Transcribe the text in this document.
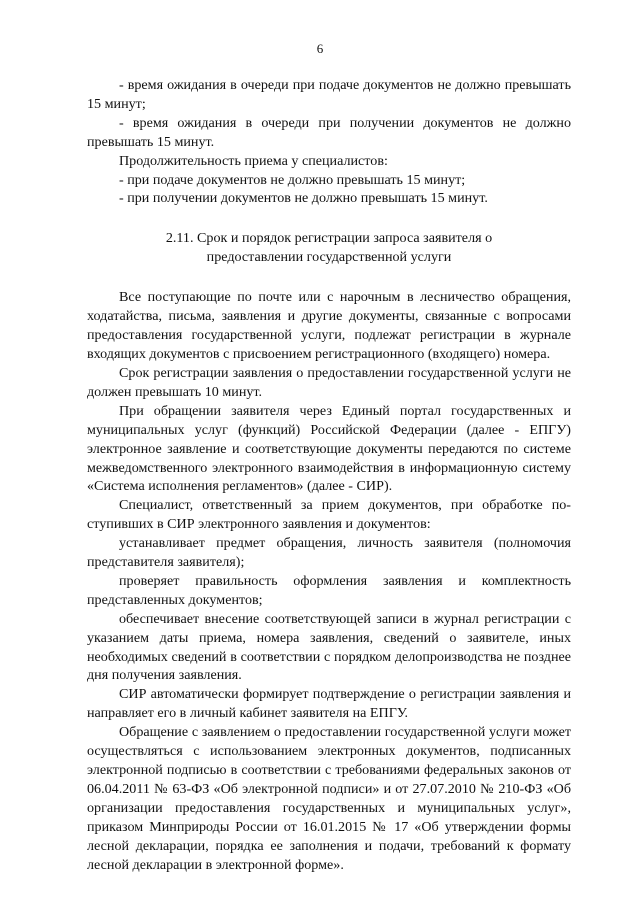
6

- время ожидания в очереди при подаче документов не должно превышать 15 минут;

- время ожидания в очереди при получении документов не должно превышать 15 минут.

Продолжительность приема у специалистов:

- при подаче документов не должно превышать 15 минут;

- при получении документов не должно превышать 15 минут.

2.11. Срок и порядок регистрации запроса заявителя о
предоставлении государственной услуги

Все поступающие по почте или с нарочным в лесничество обращения, ходатайства, письма, заявления и другие документы, связанные с вопросами предоставления государственной услуги, подлежат регистрации в журнале входящих документов с присвоением регистрационного (входящего) номера.

Срок регистрации заявления о предоставлении государственной услуги не должен превышать 10 минут.

При обращении заявителя через Единый портал государственных и муниципальных услуг (функций) Российской Федерации (далее - ЕПГУ) электронное заявление и соответствующие документы передаются по системе межведомственного электронного взаимодействия в информационную систему «Система исполнения регламентов» (далее - СИР).

Специалист, ответственный за прием документов, при обработке поступивших в СИР электронного заявления и документов:

устанавливает предмет обращения, личность заявителя (полномочия представителя заявителя);

проверяет правильность оформления заявления и комплектность представленных документов;

обеспечивает внесение соответствующей записи в журнал регистрации с указанием даты приема, номера заявления, сведений о заявителе, иных необходимых сведений в соответствии с порядком делопроизводства не позднее дня получения заявления.

СИР автоматически формирует подтверждение о регистрации заявления и направляет его в личный кабинет заявителя на ЕПГУ.

Обращение с заявлением о предоставлении государственной услуги может осуществляться с использованием электронных документов, подписанных электронной подписью в соответствии с требованиями федеральных законов от 06.04.2011 № 63-ФЗ «Об электронной подписи» и от 27.07.2010 № 210-ФЗ «Об организации предоставления государственных и муниципальных услуг», приказом Минприроды России от 16.01.2015 № 17 «Об утверждении формы лесной декларации, порядка ее заполнения и подачи, требований к формату лесной декларации в электронной форме».
